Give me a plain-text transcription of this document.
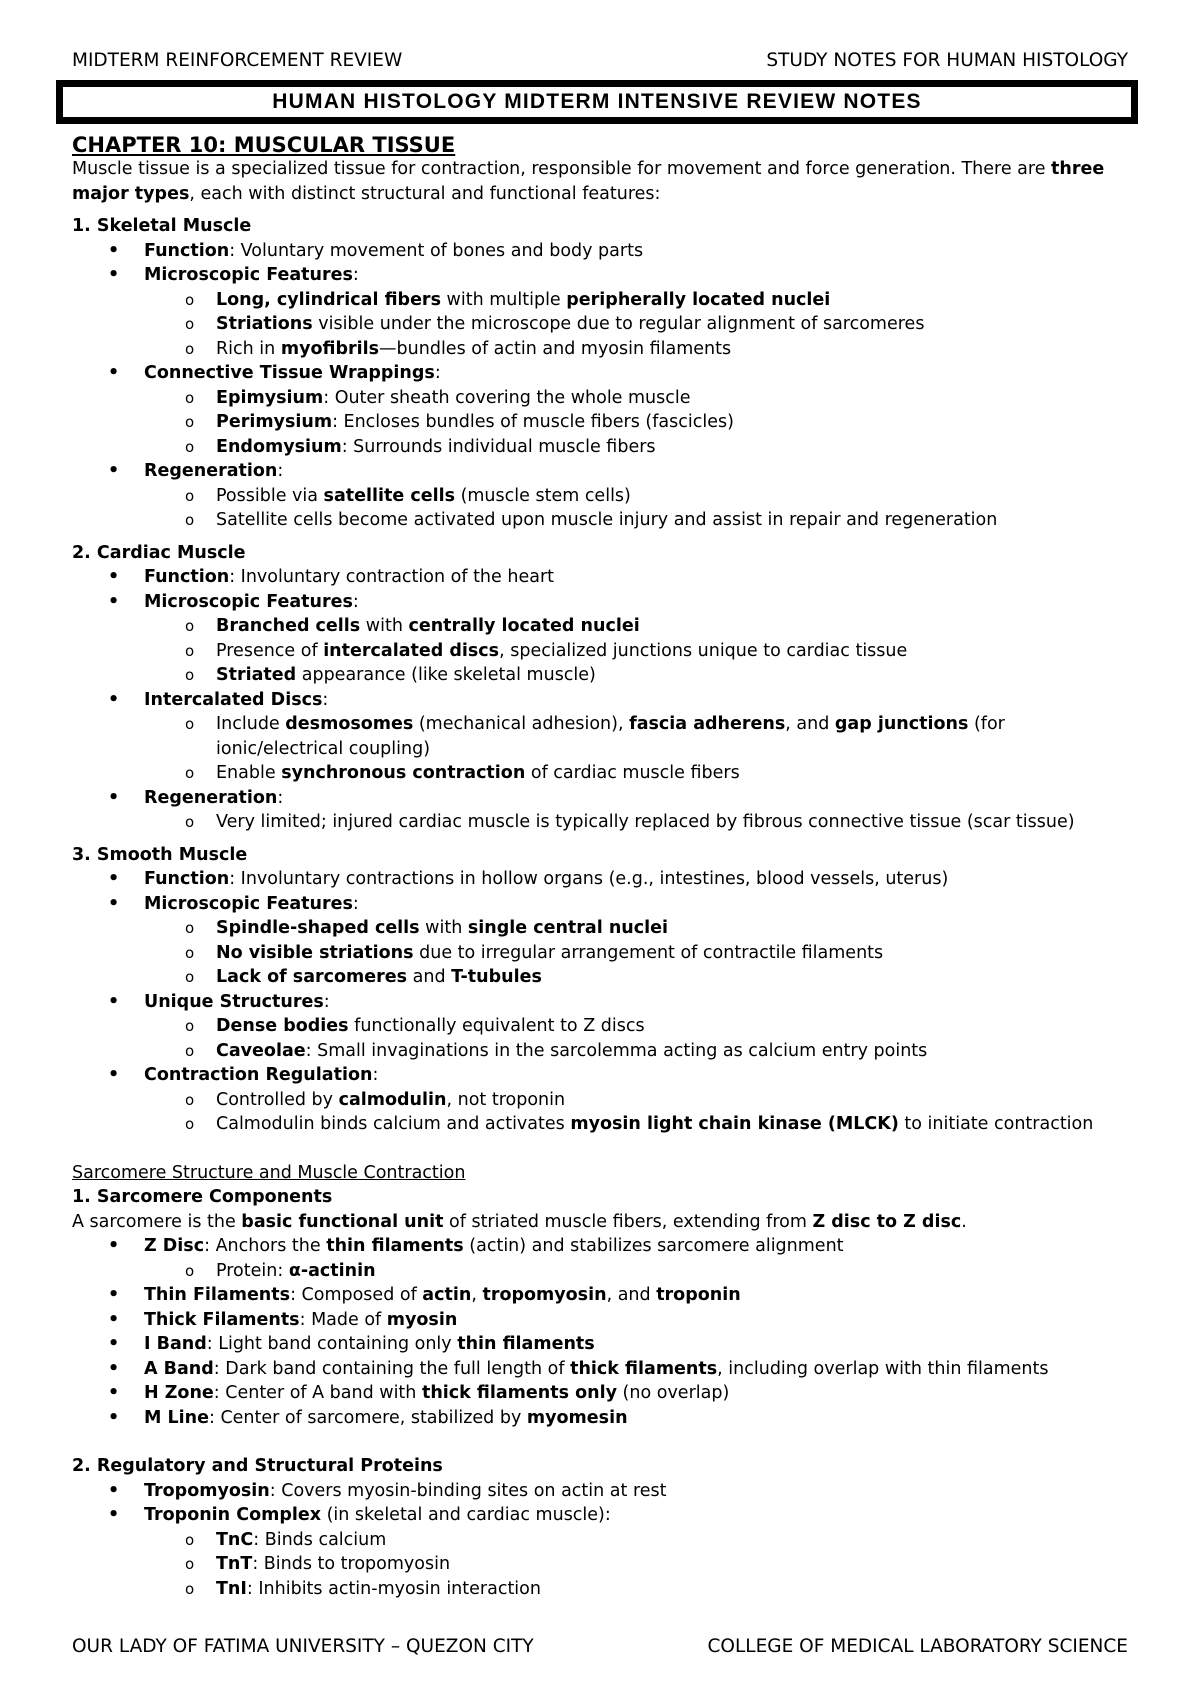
MIDTERM REINFORCEMENT REVIEW	STUDY NOTES FOR HUMAN HISTOLOGY
HUMAN HISTOLOGY MIDTERM INTENSIVE REVIEW NOTES
CHAPTER 10: MUSCULAR TISSUE

Muscle tissue is a specialized tissue for contraction, responsible for movement and force generation. There are three major types, each with distinct structural and functional features:

1. Skeletal Muscle
• Function: Voluntary movement of bones and body parts
• Microscopic Features:
o Long, cylindrical fibers with multiple peripherally located nuclei
o Striations visible under the microscope due to regular alignment of sarcomeres
o Rich in myofibrils—bundles of actin and myosin filaments
• Connective Tissue Wrappings:
o Epimysium: Outer sheath covering the whole muscle
o Perimysium: Encloses bundles of muscle fibers (fascicles)
o Endomysium: Surrounds individual muscle fibers
• Regeneration:
o Possible via satellite cells (muscle stem cells)
o Satellite cells become activated upon muscle injury and assist in repair and regeneration
2. Cardiac Muscle
• Function: Involuntary contraction of the heart
• Microscopic Features:
o Branched cells with centrally located nuclei
o Presence of intercalated discs, specialized junctions unique to cardiac tissue
o Striated appearance (like skeletal muscle)
• Intercalated Discs:
o Include desmosomes (mechanical adhesion), fascia adherens, and gap junctions (for ionic/electrical coupling)
o Enable synchronous contraction of cardiac muscle fibers
• Regeneration:
o Very limited; injured cardiac muscle is typically replaced by fibrous connective tissue (scar tissue)
3. Smooth Muscle
• Function: Involuntary contractions in hollow organs (e.g., intestines, blood vessels, uterus)
• Microscopic Features:
o Spindle-shaped cells with single central nuclei
o No visible striations due to irregular arrangement of contractile filaments
o Lack of sarcomeres and T-tubules
• Unique Structures:
o Dense bodies functionally equivalent to Z discs
o Caveolae: Small invaginations in the sarcolemma acting as calcium entry points
• Contraction Regulation:
o Controlled by calmodulin, not troponin
o Calmodulin binds calcium and activates myosin light chain kinase (MLCK) to initiate contraction
Sarcomere Structure and Muscle Contraction
1. Sarcomere Components

A sarcomere is the basic functional unit of striated muscle fibers, extending from Z disc to Z disc.

• Z Disc: Anchors the thin filaments (actin) and stabilizes sarcomere alignment
o Protein: α-actinin
• Thin Filaments: Composed of actin, tropomyosin, and troponin
• Thick Filaments: Made of myosin
• I Band: Light band containing only thin filaments
• A Band: Dark band containing the full length of thick filaments, including overlap with thin filaments
• H Zone: Center of A band with thick filaments only (no overlap)
• M Line: Center of sarcomere, stabilized by myomesin
2. Regulatory and Structural Proteins
• Tropomyosin: Covers myosin-binding sites on actin at rest
• Troponin Complex (in skeletal and cardiac muscle):
o TnC: Binds calcium
o TnT: Binds to tropomyosin
o TnI: Inhibits actin-myosin interaction
OUR LADY OF FATIMA UNIVERSITY – QUEZON CITY	COLLEGE OF MEDICAL LABORATORY SCIENCE
